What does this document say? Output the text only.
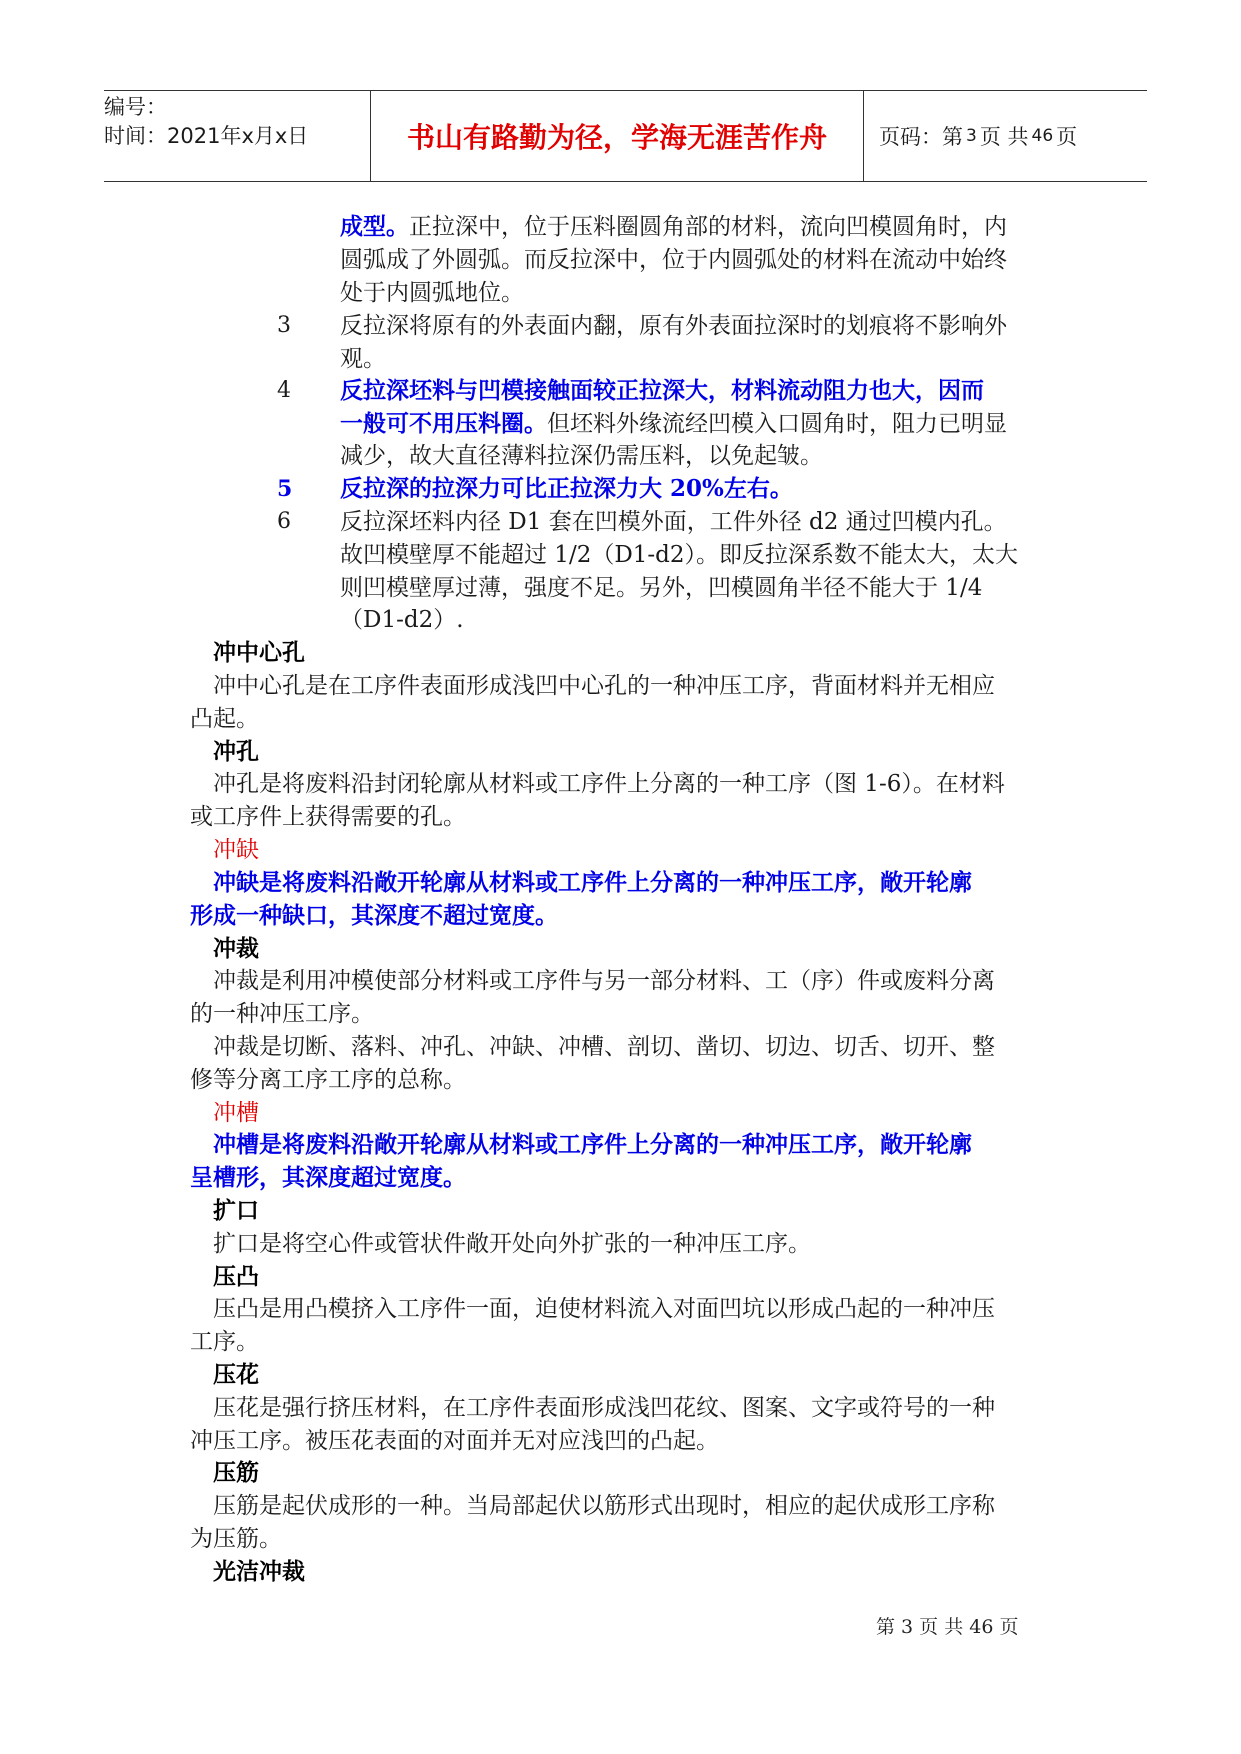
编号：
时间：2021年x月x日	书山有路勤为径，学海无涯苦作舟	页码：第 3 页 共 46 页
成型。正拉深中，位于压料圈圆角部的材料，流向凹模圆角时，内
圆弧成了外圆弧。而反拉深中，位于内圆弧处的材料在流动中始终
处于内圆弧地位。
3 反拉深将原有的外表面内翻，原有外表面拉深时的划痕将不影响外
观。
4 反拉深坯料与凹模接触面较正拉深大，材料流动阻力也大，因而
一般可不用压料圈。但坯料外缘流经凹模入口圆角时，阻力已明显
减少，故大直径薄料拉深仍需压料，以免起皱。
5 反拉深的拉深力可比正拉深力大 20%左右。
6 反拉深坯料内径 D1 套在凹模外面，工件外径 d2 通过凹模内孔。
故凹模壁厚不能超过 1/2（D1-d2）。即反拉深系数不能太大，太大
则凹模壁厚过薄，强度不足。另外，凹模圆角半径不能大于 1/4
（D1-d2）.
冲中心孔
冲中心孔是在工序件表面形成浅凹中心孔的一种冲压工序，背面材料并无相应
凸起。
冲孔
冲孔是将废料沿封闭轮廓从材料或工序件上分离的一种工序（图 1-6）。在材料
或工序件上获得需要的孔。
冲缺
冲缺是将废料沿敞开轮廓从材料或工序件上分离的一种冲压工序，敞开轮廓
形成一种缺口，其深度不超过宽度。
冲裁
冲裁是利用冲模使部分材料或工序件与另一部分材料、工（序）件或废料分离
的一种冲压工序。
冲裁是切断、落料、冲孔、冲缺、冲槽、剖切、凿切、切边、切舌、切开、整
修等分离工序工序的总称。
冲槽
冲槽是将废料沿敞开轮廓从材料或工序件上分离的一种冲压工序，敞开轮廓
呈槽形，其深度超过宽度。
扩口
扩口是将空心件或管状件敞开处向外扩张的一种冲压工序。
压凸
压凸是用凸模挤入工序件一面，迫使材料流入对面凹坑以形成凸起的一种冲压
工序。
压花
压花是强行挤压材料，在工序件表面形成浅凹花纹、图案、文字或符号的一种
冲压工序。被压花表面的对面并无对应浅凹的凸起。
压筋
压筋是起伏成形的一种。当局部起伏以筋形式出现时，相应的起伏成形工序称
为压筋。
光洁冲裁
第 3 页 共 46 页
